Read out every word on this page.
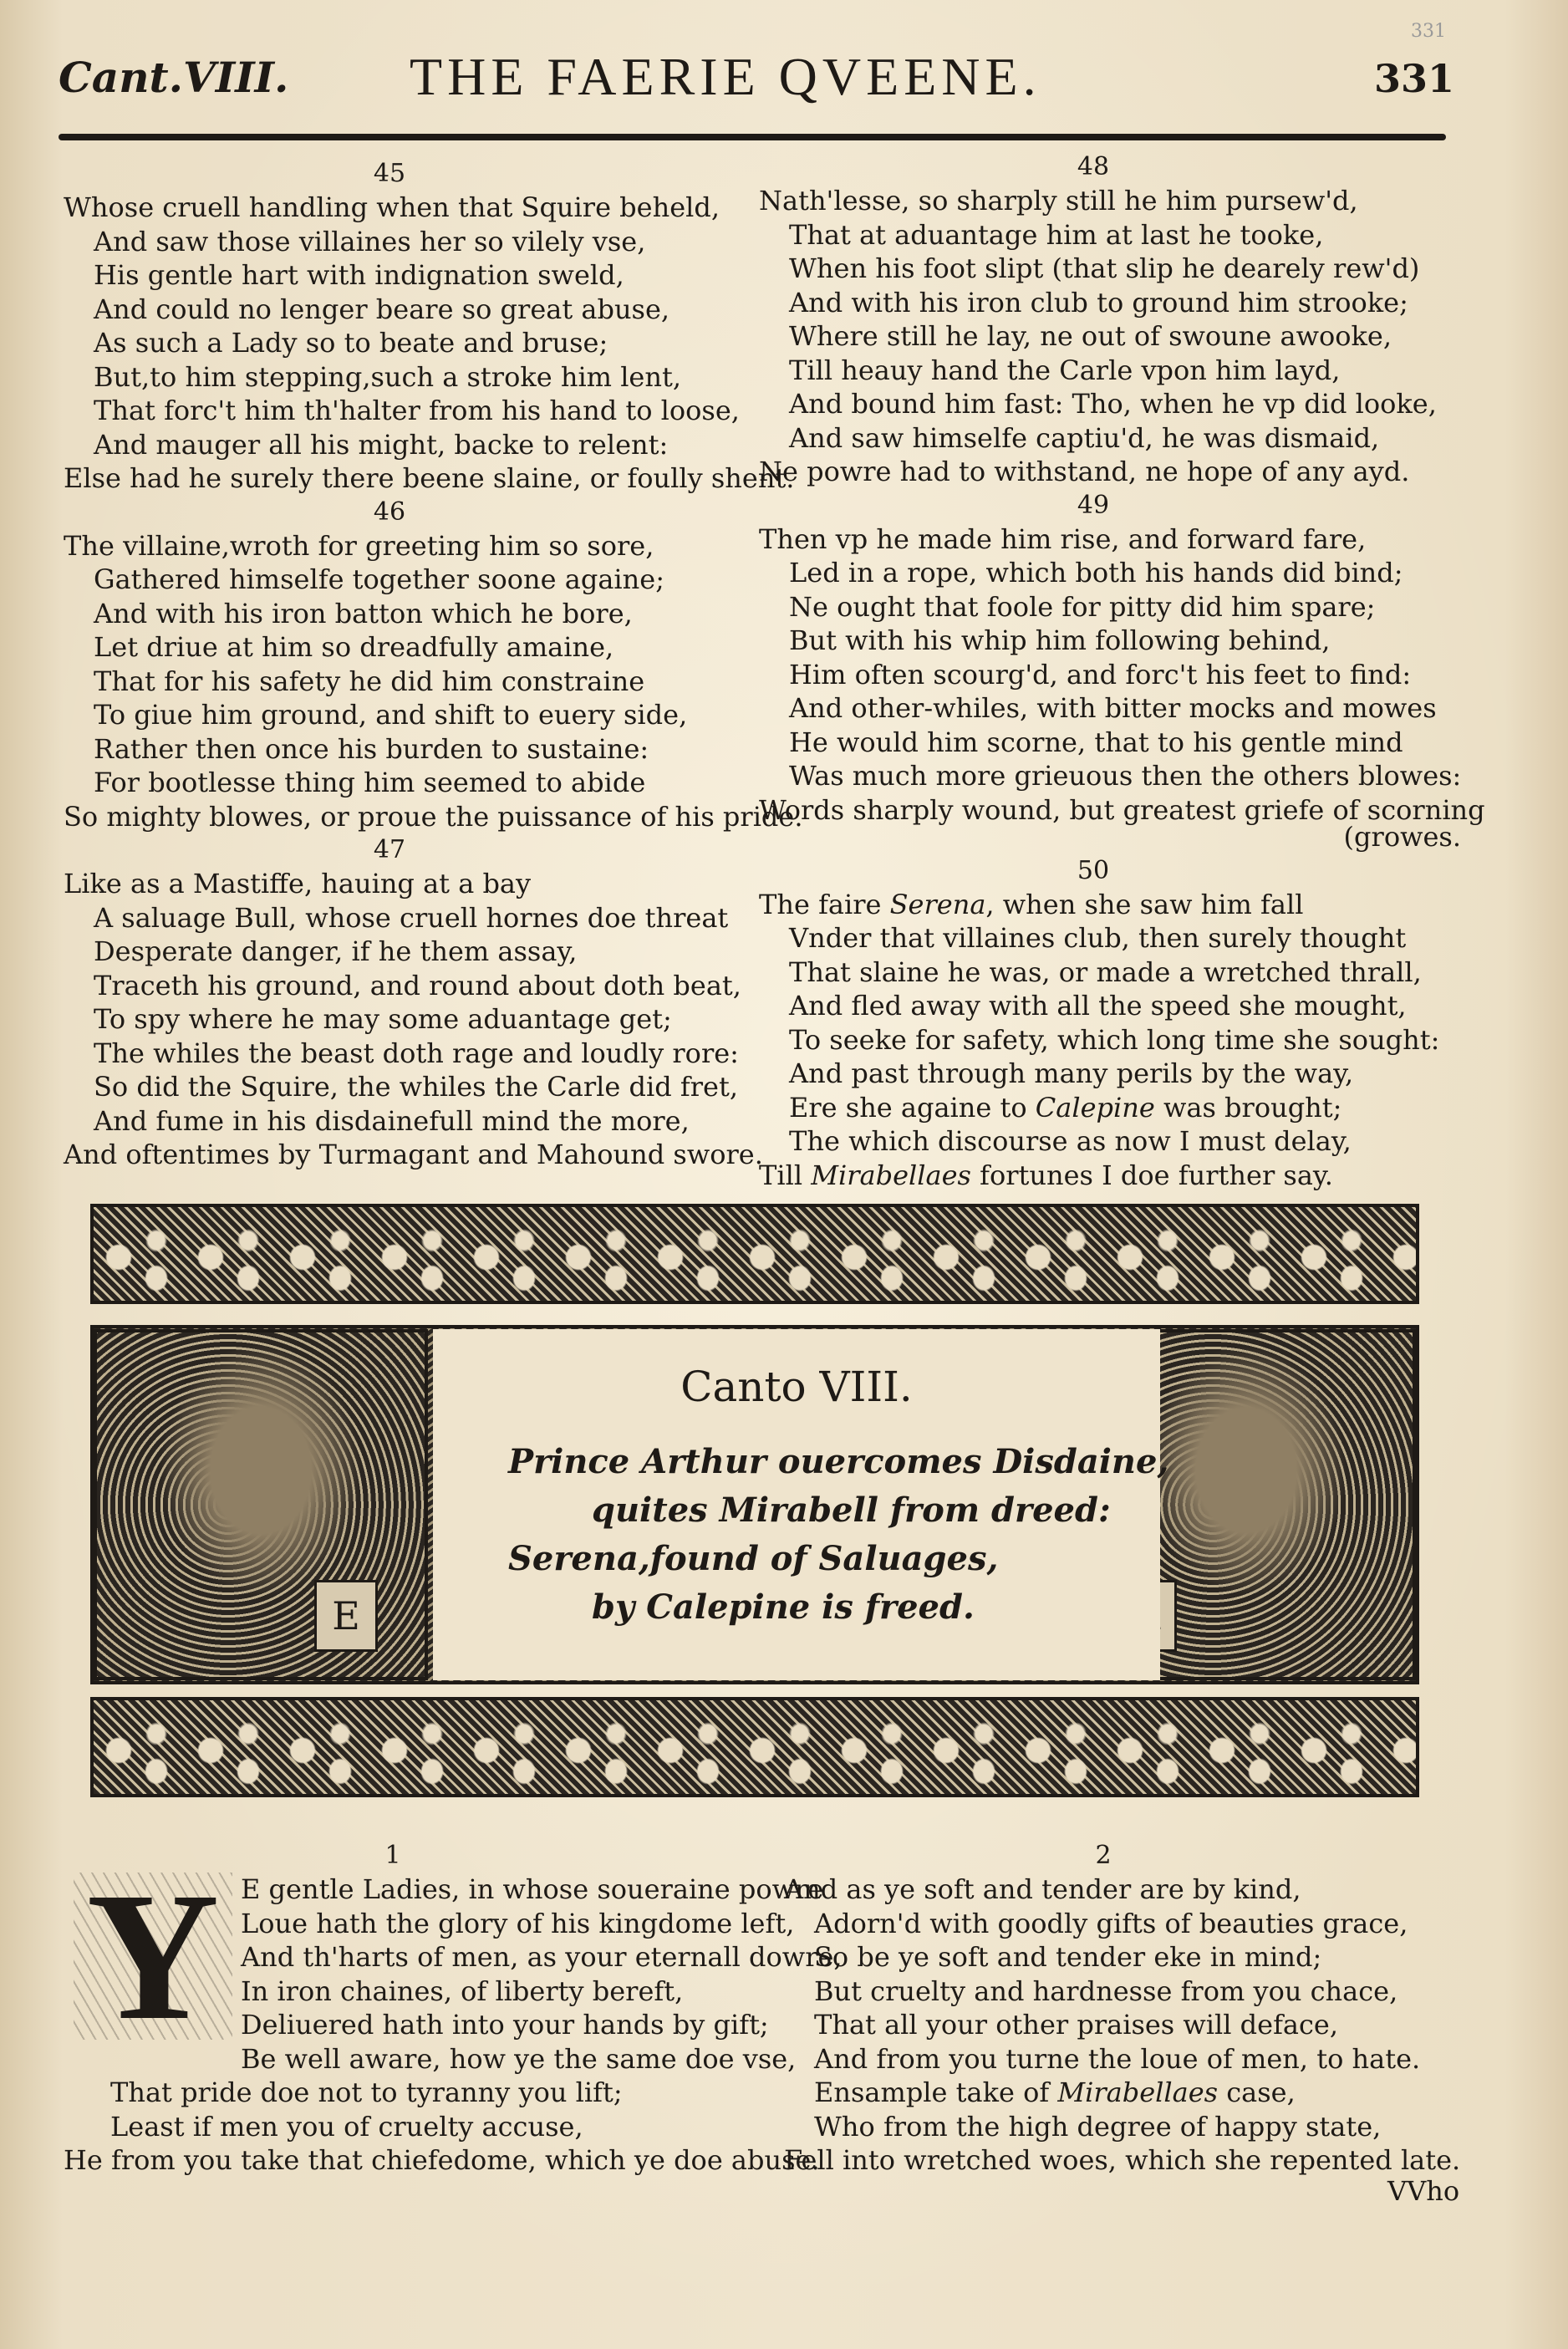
331
Cant.VIII. THE FAERIE QVEENE.	331
45
Whose cruell handling when that Squire beheld,
And saw those villaines her so vilely vse,
His gentle hart with indignation sweld,
And could no lenger beare so great abuse,
As such a Lady so to beate and bruse;
But,to him stepping,such a stroke him lent,
That forc't him th'halter from his hand to loose,
And mauger all his might, backe to relent:
Else had he surely there beene slaine, or foully shent.
46
The villaine,wroth for greeting him so sore,
Gathered himselfe together soone againe;
And with his iron batton which he bore,
Let driue at him so dreadfully amaine,
That for his safety he did him constraine
To giue him ground, and shift to euery side,
Rather then once his burden to sustaine:
For bootlesse thing him seemed to abide
So mighty blowes, or proue the puissance of his pride.
47
Like as a Mastiffe, hauing at a bay
A saluage Bull, whose cruell hornes doe threat
Desperate danger, if he them assay,
Traceth his ground, and round about doth beat,
To spy where he may some aduantage get;
The whiles the beast doth rage and loudly rore:
So did the Squire, the whiles the Carle did fret,
And fume in his disdainefull mind the more,
And oftentimes by Turmagant and Mahound swore.
48
Nath'lesse, so sharply still he him pursew'd,
That at aduantage him at last he tooke,
When his foot slipt (that slip he dearely rew'd)
And with his iron club to ground him strooke;
Where still he lay, ne out of swoune awooke,
Till heauy hand the Carle vpon him layd,
And bound him fast: Tho, when he vp did looke,
And saw himselfe captiu'd, he was dismaid,
Ne powre had to withstand, ne hope of any ayd.
49
Then vp he made him rise, and forward fare,
Led in a rope, which both his hands did bind;
Ne ought that foole for pitty did him spare;
But with his whip him following behind,
Him often scourg'd, and forc't his feet to find:
And other-whiles, with bitter mocks and mowes
He would him scorne, that to his gentle mind
Was much more grieuous then the others blowes:
Words sharply wound, but greatest griefe of scorning
(growes.
50
The faire Serena, when she saw him fall
Vnder that villaines club, then surely thought
That slaine he was, or made a wretched thrall,
And fled away with all the speed she mought,
To seeke for safety, which long time she sought:
And past through many perils by the way,
Ere she againe to Calepine was brought;
The which discourse as now I must delay,
Till Mirabellaes fortunes I doe further say.
E
Canto VIII.
Prince Arthur ouercomes Disdaine,
quites Mirabell from dreed:
Serena,found of Saluages,
by Calepine is freed.
1
Y E gentle Ladies, in whose soueraine powre
Loue hath the glory of his kingdome left,
And th'harts of men, as your eternall dowre,
In iron chaines, of liberty bereft,
Deliuered hath into your hands by gift;
Be well aware, how ye the same doe vse,
That pride doe not to tyranny you lift;
Least if men you of cruelty accuse,
He from you take that chiefedome, which ye doe abuse.
2
And as ye soft and tender are by kind,
Adorn'd with goodly gifts of beauties grace,
So be ye soft and tender eke in mind;
But cruelty and hardnesse from you chace,
That all your other praises will deface,
And from you turne the loue of men, to hate.
Ensample take of Mirabellaes case,
Who from the high degree of happy state,
Fell into wretched woes, which she repented late.
VVho
